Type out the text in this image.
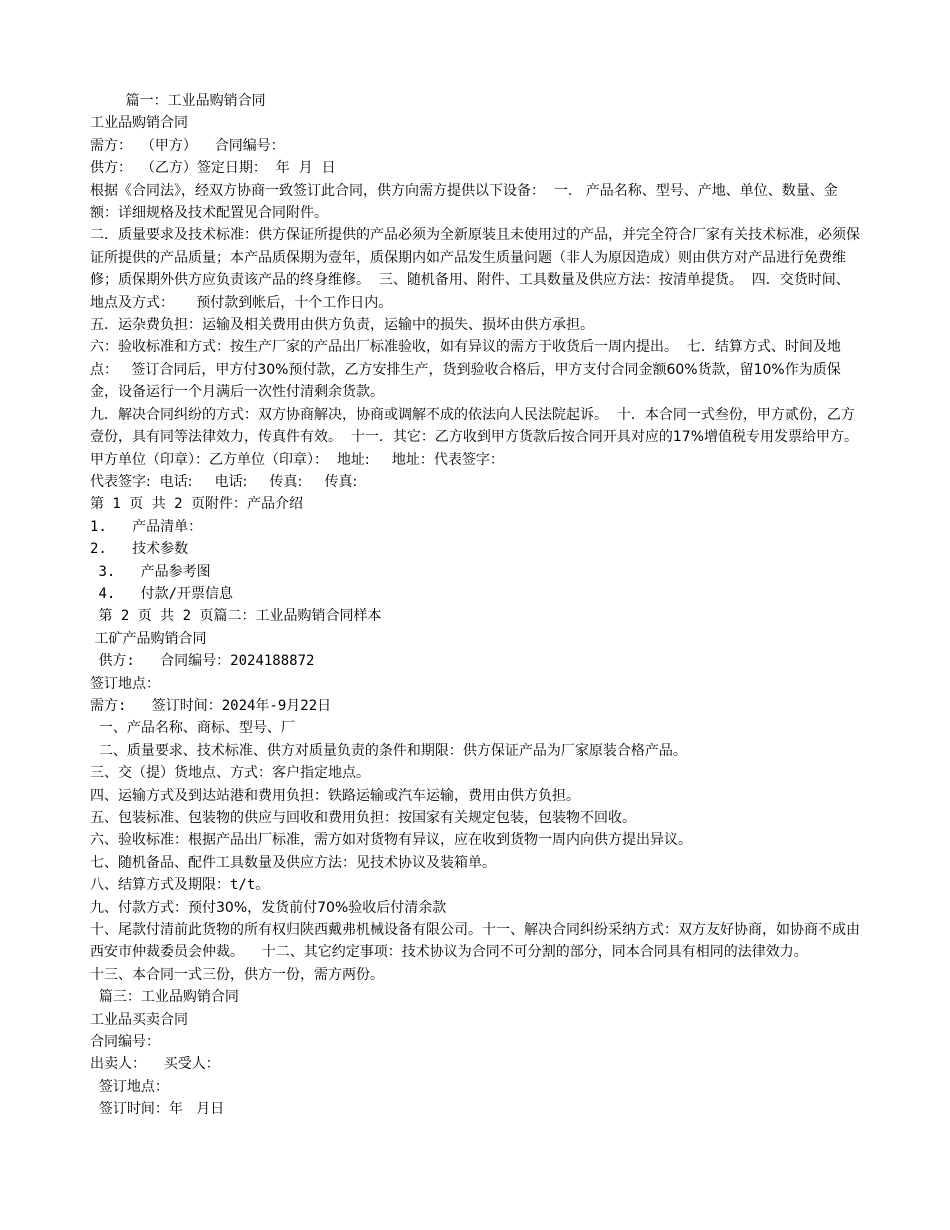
篇一：工业品购销合同

工业品购销合同

需方：  （甲方）    合同编号：

供方：  （乙方）签定日期：  年  月  日

根据《合同法》，经双方协商一致签订此合同，供方向需方提供以下设备：  一.   产品名称、型号、产地、单位、数量、金额：详细规格及技术配置见合同附件。

二．质量要求及技术标准：供方保证所提供的产品必须为全新原装且未使用过的产品，并完全符合厂家有关技术标准，必须保证所提供的产品质量；本产品质保期为壹年，质保期内如产品发生质量问题（非人为原因造成）则由供方对产品进行免费维修；质保期外供方应负责该产品的终身维修。  三、随机备用、附件、工具数量及供应方法：按清单提货。  四．交货时间、地点及方式：     预付款到帐后，十个工作日内。

五．运杂费负担：运输及相关费用由供方负责，运输中的损失、损坏由供方承担。

六：验收标准和方式：按生产厂家的产品出厂标准验收，如有异议的需方于收货后一周内提出。  七．结算方式、时间及地点：   签订合同后，甲方付30%预付款，乙方安排生产，货到验收合格后，甲方支付合同金额60%货款，留10%作为质保金，设备运行一个月满后一次性付清剩余货款。

九．解决合同纠纷的方式：双方协商解决，协商或调解不成的依法向人民法院起诉。  十．本合同一式叁份，甲方贰份，乙方壹份，具有同等法律效力，传真件有效。  十一．其它：乙方收到甲方货款后按合同开具对应的17%增值税专用发票给甲方。  甲方单位（印章）：乙方单位（印章）：  地址:     地址：代表签字：

代表签字:  电话:     电话:     传真:     传真:

第 1 页 共 2 页附件：产品介绍

1.   产品清单：

2.   技术参数

3.   产品参考图

4.   付款/开票信息

第 2 页 共 2 页篇二：工业品购销合同样本

工矿产品购销合同

供方:   合同编号：2024188872

签订地点：

需方:   签订时间：2024年-9月22日

一、产品名称、商标、型号、厂

二、质量要求、技术标准、供方对质量负责的条件和期限：供方保证产品为厂家原装合格产品。

三、交（提）货地点、方式：客户指定地点。

四、运输方式及到达站港和费用负担：铁路运输或汽车运输，费用由供方负担。

五、包装标准、包装物的供应与回收和费用负担：按国家有关规定包装，包装物不回收。

六、验收标准：根据产品出厂标准，需方如对货物有异议，应在收到货物一周内向供方提出异议。

七、随机备品、配件工具数量及供应方法：见技术协议及装箱单。

八、结算方式及期限：t/t。

九、付款方式：预付30%，发货前付70%验收后付清余款

十、尾款付清前此货物的所有权归陕西戴弗机械设备有限公司。十一、解决合同纠纷采纳方式：双方友好协商，如协商不成由西安市仲裁委员会仲裁。    十二、其它约定事项：技术协议为合同不可分割的部分，同本合同具有相同的法律效力。

十三、本合同一式三份，供方一份，需方两份。

篇三：工业品购销合同

工业品买卖合同

合同编号：

出卖人：    买受人：

签订地点：

签订时间：年   月日
